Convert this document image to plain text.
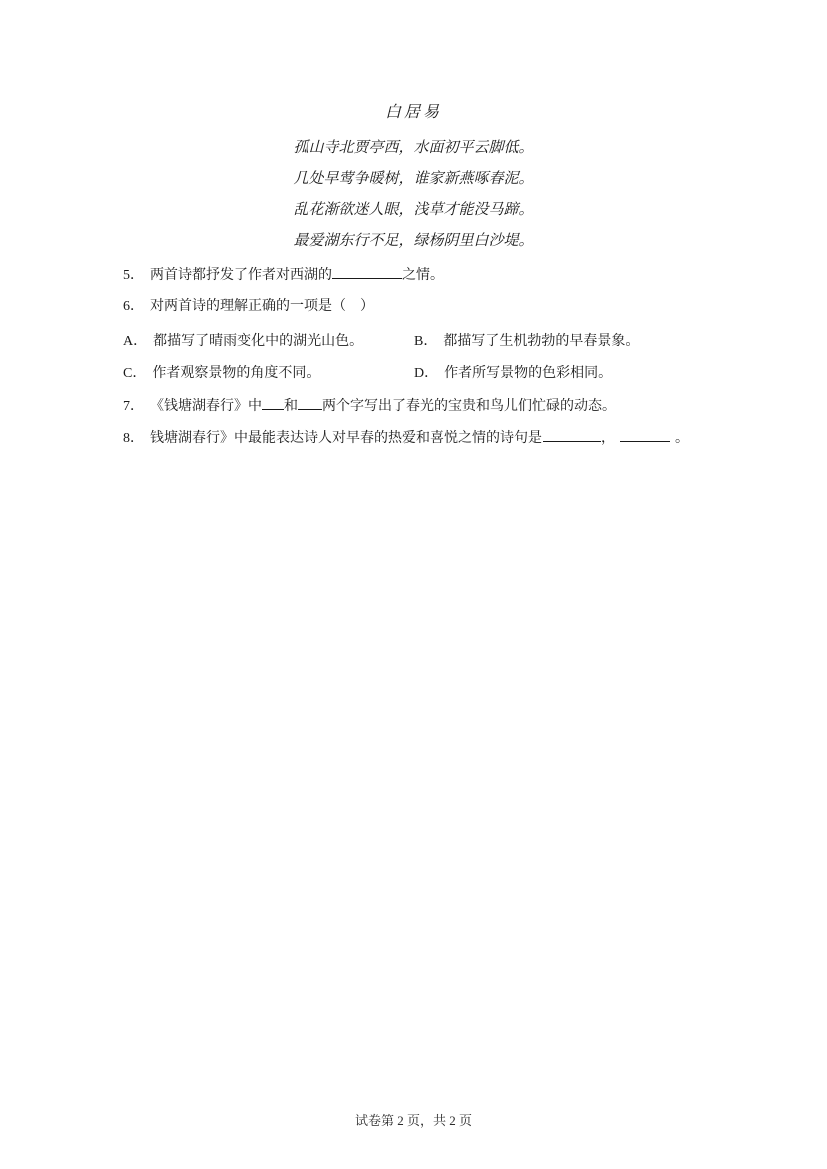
白居易
孤山寺北贾亭西，水面初平云脚低。
几处早莺争暖树，谁家新燕啄春泥。
乱花渐欲迷人眼，浅草才能没马蹄。
最爱湖东行不足，绿杨阴里白沙堤。
5． 两首诗都抒发了作者对西湖的	之情。
6． 对两首诗的理解正确的一项是（　）
A． 都描写了晴雨变化中的湖光山色。	B． 都描写了生机勃勃的早春景象。
C． 作者观察景物的角度不同。	D． 作者所写景物的色彩相同。
7． 《钱塘湖春行》中 和 两个字写出了春光的宝贵和鸟儿们忙碌的动态。
8． 钱塘湖春行》中最能表达诗人对早春的热爱和喜悦之情的诗句是	，	。
试卷第 2 页，共 2 页
